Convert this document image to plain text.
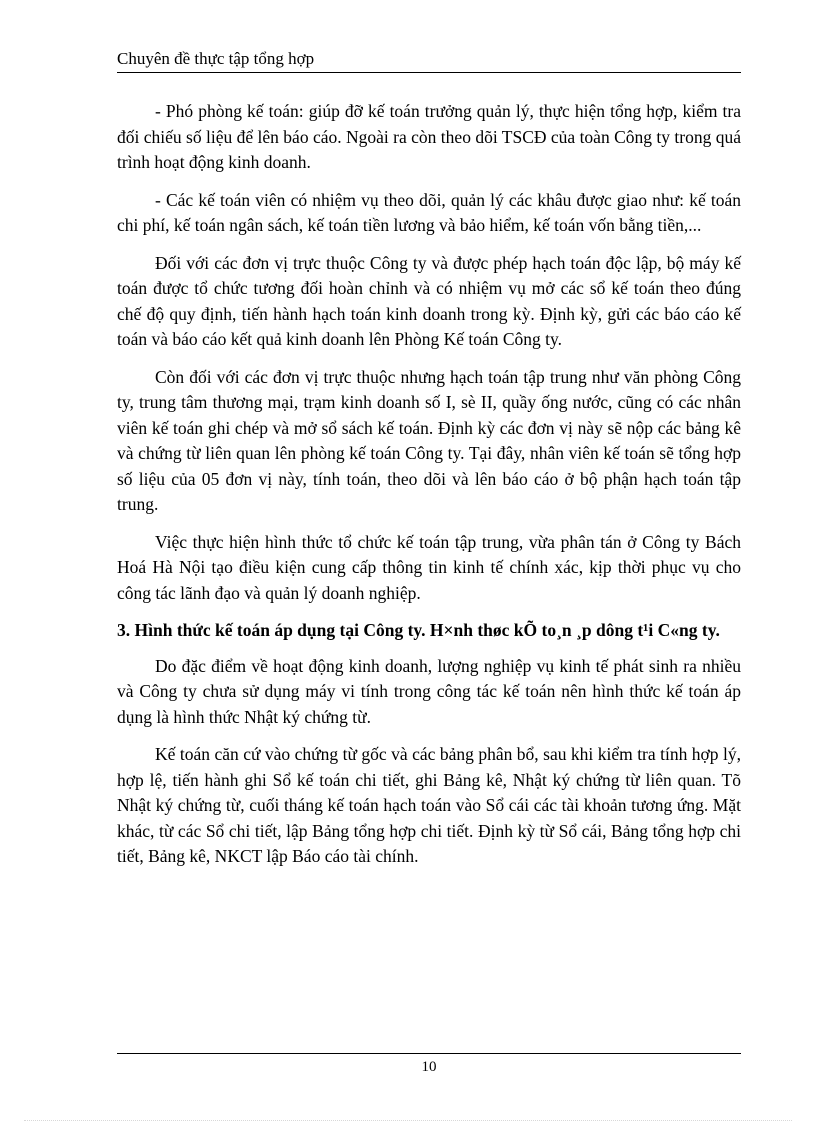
Chuyên đề thực tập tổng hợp

- Phó phòng kế toán: giúp đỡ kế toán trưởng quản lý, thực hiện tổng hợp, kiểm tra đối chiếu số liệu để lên báo cáo. Ngoài ra còn theo dõi TSCĐ của toàn Công ty trong quá trình hoạt động kinh doanh.

- Các kế toán viên có nhiệm vụ theo dõi, quản lý các khâu được giao như: kế toán chi phí, kế toán ngân sách, kế toán tiền lương và bảo hiểm, kế toán vốn bằng tiền,...

Đối với các đơn vị trực thuộc Công ty và được phép hạch toán độc lập, bộ máy kế toán được tổ chức tương đối hoàn chỉnh và có nhiệm vụ mở các sổ kế toán theo đúng chế độ quy định, tiến hành hạch toán kinh doanh trong kỳ. Định kỳ, gửi các báo cáo kế toán và báo cáo kết quả kinh doanh lên Phòng Kế toán Công ty.

Còn đối với các đơn vị trực thuộc nhưng hạch toán tập trung như văn phòng Công ty, trung tâm thương mại, trạm kinh doanh số I, sè II, quầy ống nước, cũng có các nhân viên kế toán ghi chép và mở sổ sách kế toán. Định kỳ các đơn vị này sẽ nộp các bảng kê và chứng từ liên quan lên phòng kế toán Công ty. Tại đây, nhân viên kế toán sẽ tổng hợp số liệu của 05 đơn vị này, tính toán, theo dõi và lên báo cáo ở bộ phận hạch toán tập trung.

Việc thực hiện hình thức tổ chức kế toán tập trung, vừa phân tán ở Công ty Bách Hoá Hà Nội tạo điều kiện cung cấp thông tin kinh tế chính xác, kịp thời phục vụ cho công tác lãnh đạo và quản lý doanh nghiệp.

3. Hình thức kế toán áp dụng tại Công ty. H×nh thøc kÕ to¸n ¸p dông t¹i C«ng ty.

Do đặc điểm về hoạt động kinh doanh, lượng nghiệp vụ kinh tế phát sinh ra nhiều và Công ty chưa sử dụng máy vi tính trong công tác kế toán nên hình thức kế toán áp dụng là hình thức Nhật ký chứng từ.

Kế toán căn cứ vào chứng từ gốc và các bảng phân bổ, sau khi kiểm tra tính hợp lý, hợp lệ, tiến hành ghi Sổ kế toán chi tiết, ghi Bảng kê, Nhật ký chứng từ liên quan. Tõ Nhật ký chứng từ, cuối tháng kế toán hạch toán vào Sổ cái các tài khoản tương ứng. Mặt khác, từ các Sổ chi tiết, lập Bảng tổng hợp chi tiết. Định kỳ từ Sổ cái, Bảng tổng hợp chi tiết, Bảng kê, NKCT lập Báo cáo tài chính.

10
